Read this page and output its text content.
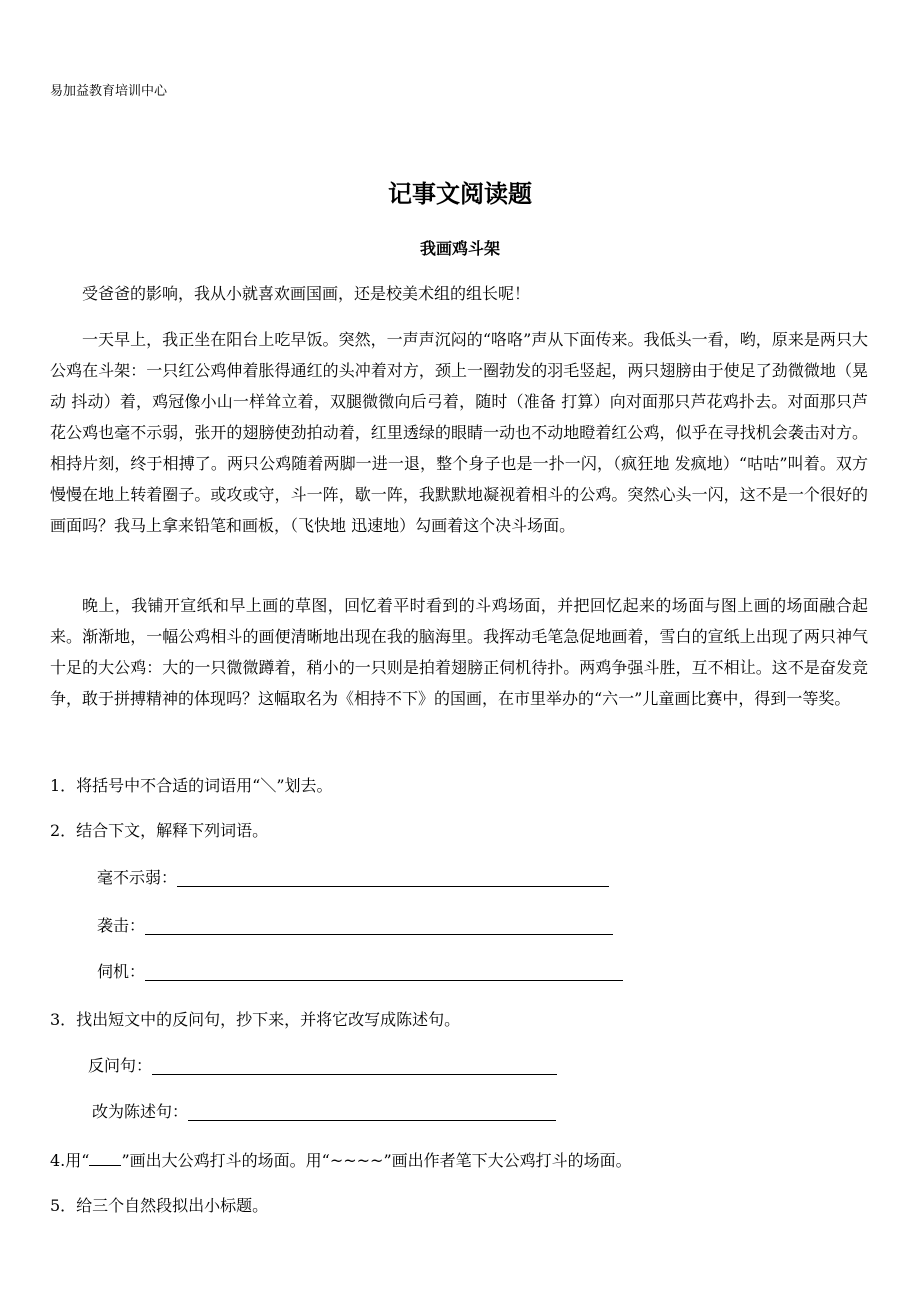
易加益教育培训中心
记事文阅读题
我画鸡斗架
受爸爸的影响，我从小就喜欢画国画，还是校美术组的组长呢！
一天早上，我正坐在阳台上吃早饭。突然，一声声沉闷的“咯咯”声从下面传来。我低头一看，哟，原来是两只大公鸡在斗架：一只红公鸡伸着胀得通红的头冲着对方，颈上一圈勃发的羽毛竖起，两只翅膀由于使足了劲微微地（晃动 抖动）着，鸡冠像小山一样耸立着，双腿微微向后弓着，随时（准备 打算）向对面那只芦花鸡扑去。对面那只芦花公鸡也毫不示弱，张开的翅膀使劲拍动着，红里透绿的眼睛一动也不动地瞪着红公鸡，似乎在寻找机会袭击对方。相持片刻，终于相搏了。两只公鸡随着两脚一进一退，整个身子也是一扑一闪，（疯狂地 发疯地）“咕咕”叫着。双方慢慢在地上转着圈子。或攻或守，斗一阵，歇一阵，我默默地凝视着相斗的公鸡。突然心头一闪，这不是一个很好的画面吗？我马上拿来铅笔和画板，（飞快地 迅速地）勾画着这个决斗场面。
晚上，我铺开宣纸和早上画的草图，回忆着平时看到的斗鸡场面，并把回忆起来的场面与图上画的场面融合起来。渐渐地，一幅公鸡相斗的画便清晰地出现在我的脑海里。我挥动毛笔急促地画着，雪白的宣纸上出现了两只神气十足的大公鸡：大的一只微微蹲着，稍小的一只则是拍着翅膀正伺机待扑。两鸡争强斗胜，互不相让。这不是奋发竞争，敢于拼搏精神的体现吗？这幅取名为《相持不下》的国画，在市里举办的“六一”儿童画比赛中，得到一等奖。
1．将括号中不合适的词语用“＼”划去。
2．结合下文，解释下列词语。
毫不示弱：
袭击：
伺机：
3．找出短文中的反问句，抄下来，并将它改写成陈述句。
反问句：
改为陈述句：
4.用“ ”画出大公鸡打斗的场面。用“~~~~”画出作者笔下大公鸡打斗的场面。
5．给三个自然段拟出小标题。
